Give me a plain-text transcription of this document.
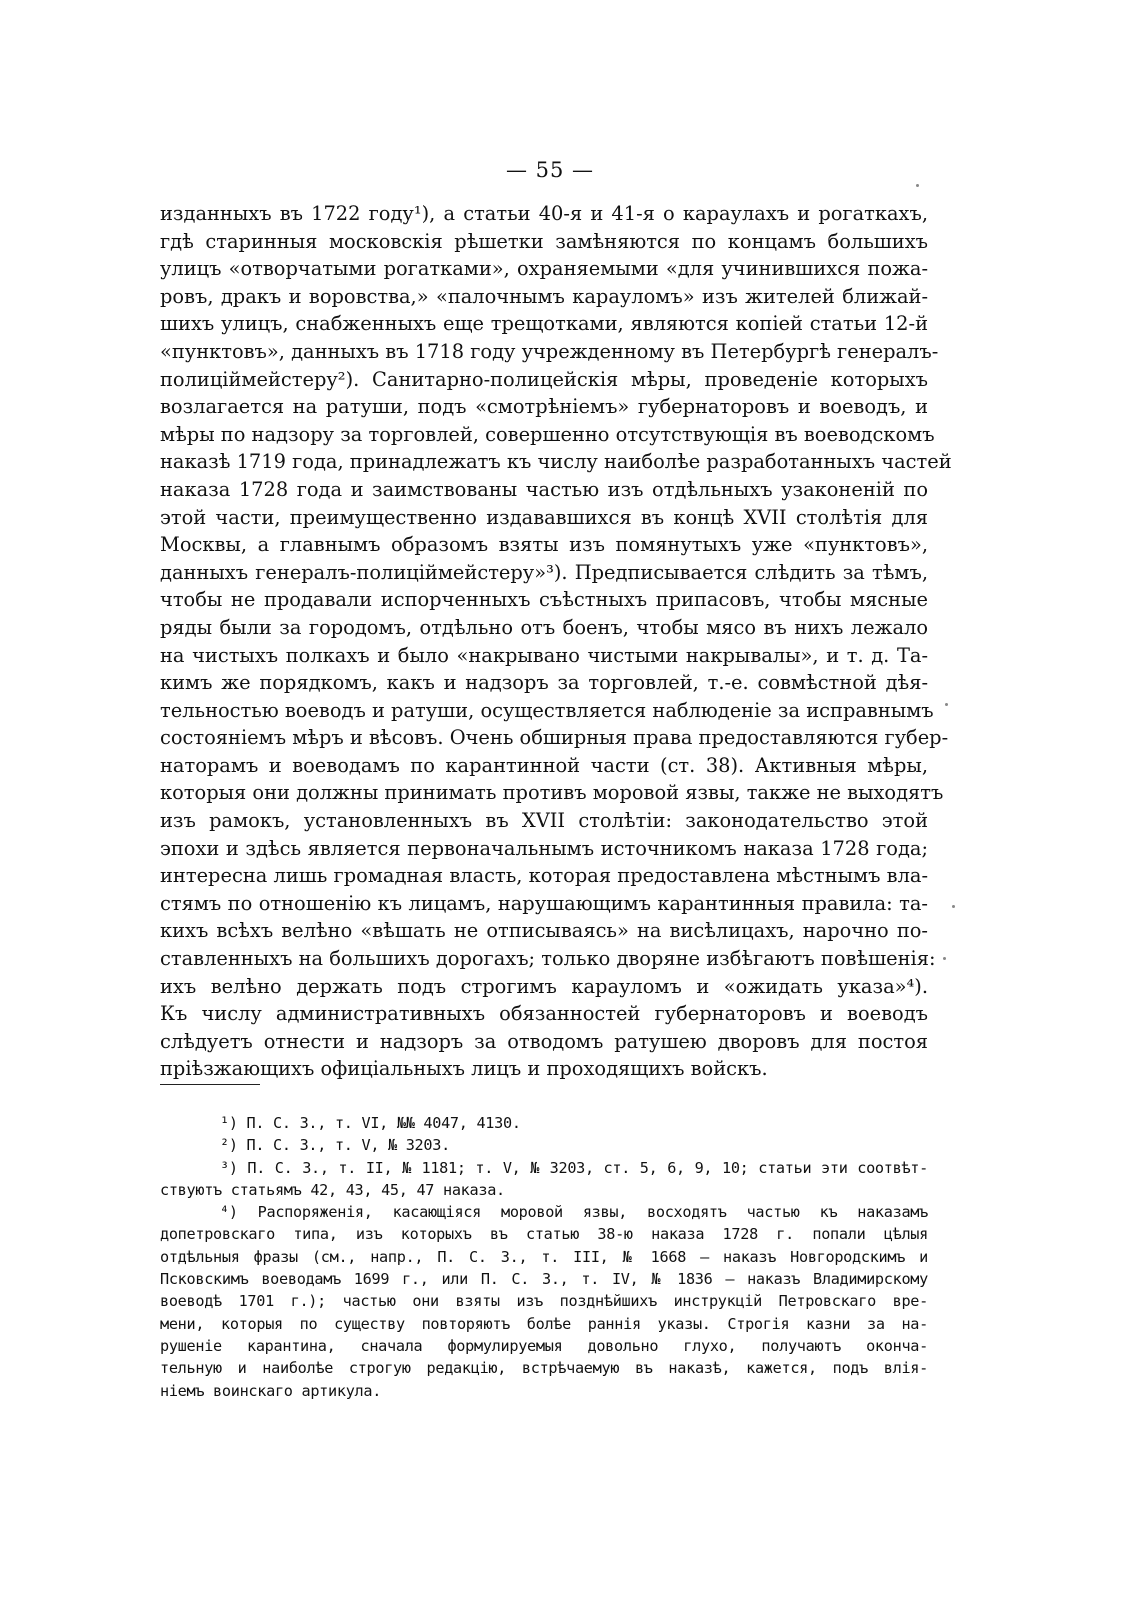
— 55 —
изданныхъ въ 1722 году¹), а статьи 40-я и 41-я о караулахъ и рогаткахъ,
гдѣ старинныя московскія рѣшетки замѣняются по концамъ большихъ
улицъ «отворчатыми рогатками», охраняемыми «для учинившихся пожа-
ровъ, дракъ и воровства,» «палочнымъ карауломъ» изъ жителей ближай-
шихъ улицъ, снабженныхъ еще трещотками, являются копіей статьи 12-й
«пунктовъ», данныхъ въ 1718 году учрежденному въ Петербургѣ генералъ-
полиціймейстеру²). Санитарно-полицейскія мѣры, проведеніе которыхъ
возлагается на ратуши, подъ «смотрѣніемъ» губернаторовъ и воеводъ, и
мѣры по надзору за торговлей, совершенно отсутствующія въ воеводскомъ
наказѣ 1719 года, принадлежатъ къ числу наиболѣе разработанныхъ частей
наказа 1728 года и заимствованы частью изъ отдѣльныхъ узаконеній по
этой части, преимущественно издававшихся въ концѣ XVII столѣтія для
Москвы, а главнымъ образомъ взяты изъ помянутыхъ уже «пунктовъ»,
данныхъ генералъ-полиціймейстеру»³). Предписывается слѣдить за тѣмъ,
чтобы не продавали испорченныхъ съѣстныхъ припасовъ, чтобы мясные
ряды были за городомъ, отдѣльно отъ боенъ, чтобы мясо въ нихъ лежало
на чистыхъ полкахъ и было «накрывано чистыми накрывалы», и т. д. Та-
кимъ же порядкомъ, какъ и надзоръ за торговлей, т.-е. совмѣстной дѣя-
тельностью воеводъ и ратуши, осуществляется наблюденіе за исправнымъ
состояніемъ мѣръ и вѣсовъ. Очень обширныя права предоставляются губер-
наторамъ и воеводамъ по карантинной части (ст. 38). Активныя мѣры,
которыя они должны принимать противъ моровой язвы, также не выходятъ
изъ рамокъ, установленныхъ въ XVII столѣтіи: законодательство этой
эпохи и здѣсь является первоначальнымъ источникомъ наказа 1728 года;
интересна лишь громадная власть, которая предоставлена мѣстнымъ вла-
стямъ по отношенію къ лицамъ, нарушающимъ карантинныя правила: та-
кихъ всѣхъ велѣно «вѣшать не отписываясь» на висѣлицахъ, нарочно по-
ставленныхъ на большихъ дорогахъ; только дворяне избѣгаютъ повѣшенія:
ихъ велѣно держать подъ строгимъ карауломъ и «ожидать указа»⁴).
Къ числу административныхъ обязанностей губернаторовъ и воеводъ
слѣдуетъ отнести и надзоръ за отводомъ ратушею дворовъ для постоя
пріѣзжающихъ офиціальныхъ лицъ и проходящихъ войскъ.
¹) П. С. З., т. VI, №№ 4047, 4130.
²) П. С. З., т. V, № 3203.
³) П. С. З., т. II, № 1181; т. V, № 3203, ст. 5, 6, 9, 10; статьи эти соотвѣт-
ствуютъ статьямъ 42, 43, 45, 47 наказа.
⁴) Распоряженія, касающіяся моровой язвы, восходятъ частью къ наказамъ
допетровскаго типа, изъ которыхъ въ статью 38-ю наказа 1728 г. попали цѣлыя
отдѣльныя фразы (см., напр., П. С. З., т. III, № 1668 — наказъ Новгородскимъ и
Псковскимъ воеводамъ 1699 г., или П. С. З., т. IV, № 1836 — наказъ Владимирскому
воеводѣ 1701 г.); частью они взяты изъ позднѣйшихъ инструкцій Петровскаго вре-
мени, которыя по существу повторяютъ болѣе раннія указы. Строгія казни за на-
рушеніе карантина, сначала формулируемыя довольно глухо, получаютъ оконча-
тельную и наиболѣе строгую редакцію, встрѣчаемую въ наказѣ, кажется, подъ влія-
ніемъ воинскаго артикула.
